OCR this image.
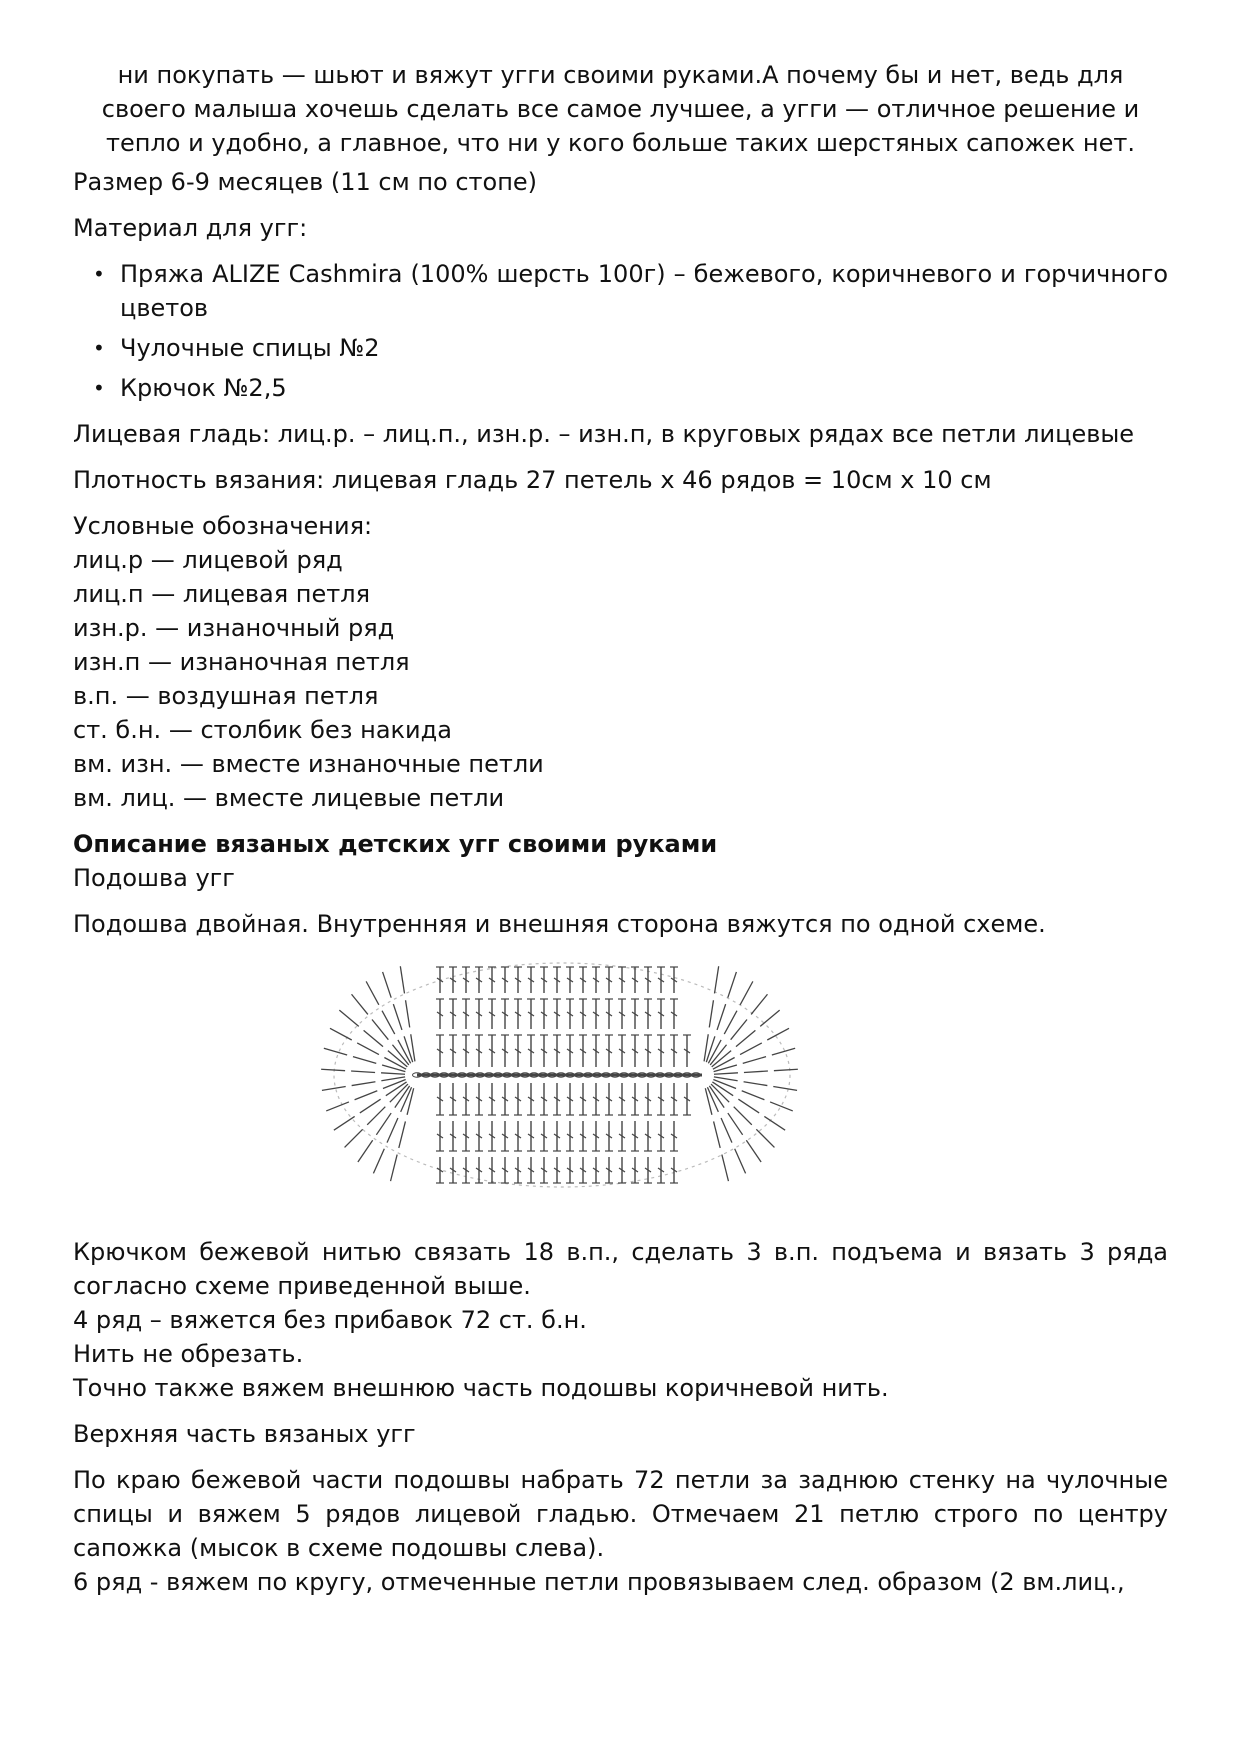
ни покупать — шьют и вяжут угги своими руками.А почему бы и нет, ведь для
своего малыша хочешь сделать все самое лучшее, а угги — отличное решение и
тепло и удобно, а главное, что ни у кого больше таких шерстяных сапожек нет.

Размер 6-9 месяцев (11 см по стопе)

Материал для угг:

• Пряжа ALIZE Cashmira (100% шерсть 100г) – бежевого, коричневого и горчичного цветов
• Чулочные спицы №2
• Крючок №2,5

Лицевая гладь: лиц.р. – лиц.п., изн.р. – изн.п, в круговых рядах все петли лицевые

Плотность вязания: лицевая гладь 27 петель х 46 рядов = 10см х 10 см

Условные обозначения:
лиц.р — лицевой ряд
лиц.п — лицевая петля
изн.р. — изнаночный ряд
изн.п — изнаночная петля
в.п. — воздушная петля
ст. б.н. — столбик без накида
вм. изн. — вместе изнаночные петли
вм. лиц. — вместе лицевые петли
Описание вязаных детских угг своими руками

Подошва угг

Подошва двойная. Внутренняя и внешняя сторона вяжутся по одной схеме.

Крючком бежевой нитью связать 18 в.п., сделать 3 в.п. подъема и вязать 3 ряда согласно схеме приведенной выше.
4 ряд – вяжется без прибавок 72 ст. б.н.
Нить не обрезать.
Точно также вяжем внешнюю часть подошвы коричневой нить.

Верхняя часть вязаных угг

По краю бежевой части подошвы набрать 72 петли за заднюю стенку на чулочные спицы и вяжем 5 рядов лицевой гладью. Отмечаем 21 петлю строго по центру сапожка (мысок в схеме подошвы слева).
6 ряд - вяжем по кругу, отмеченные петли провязываем след. образом (2 вм.лиц.,
